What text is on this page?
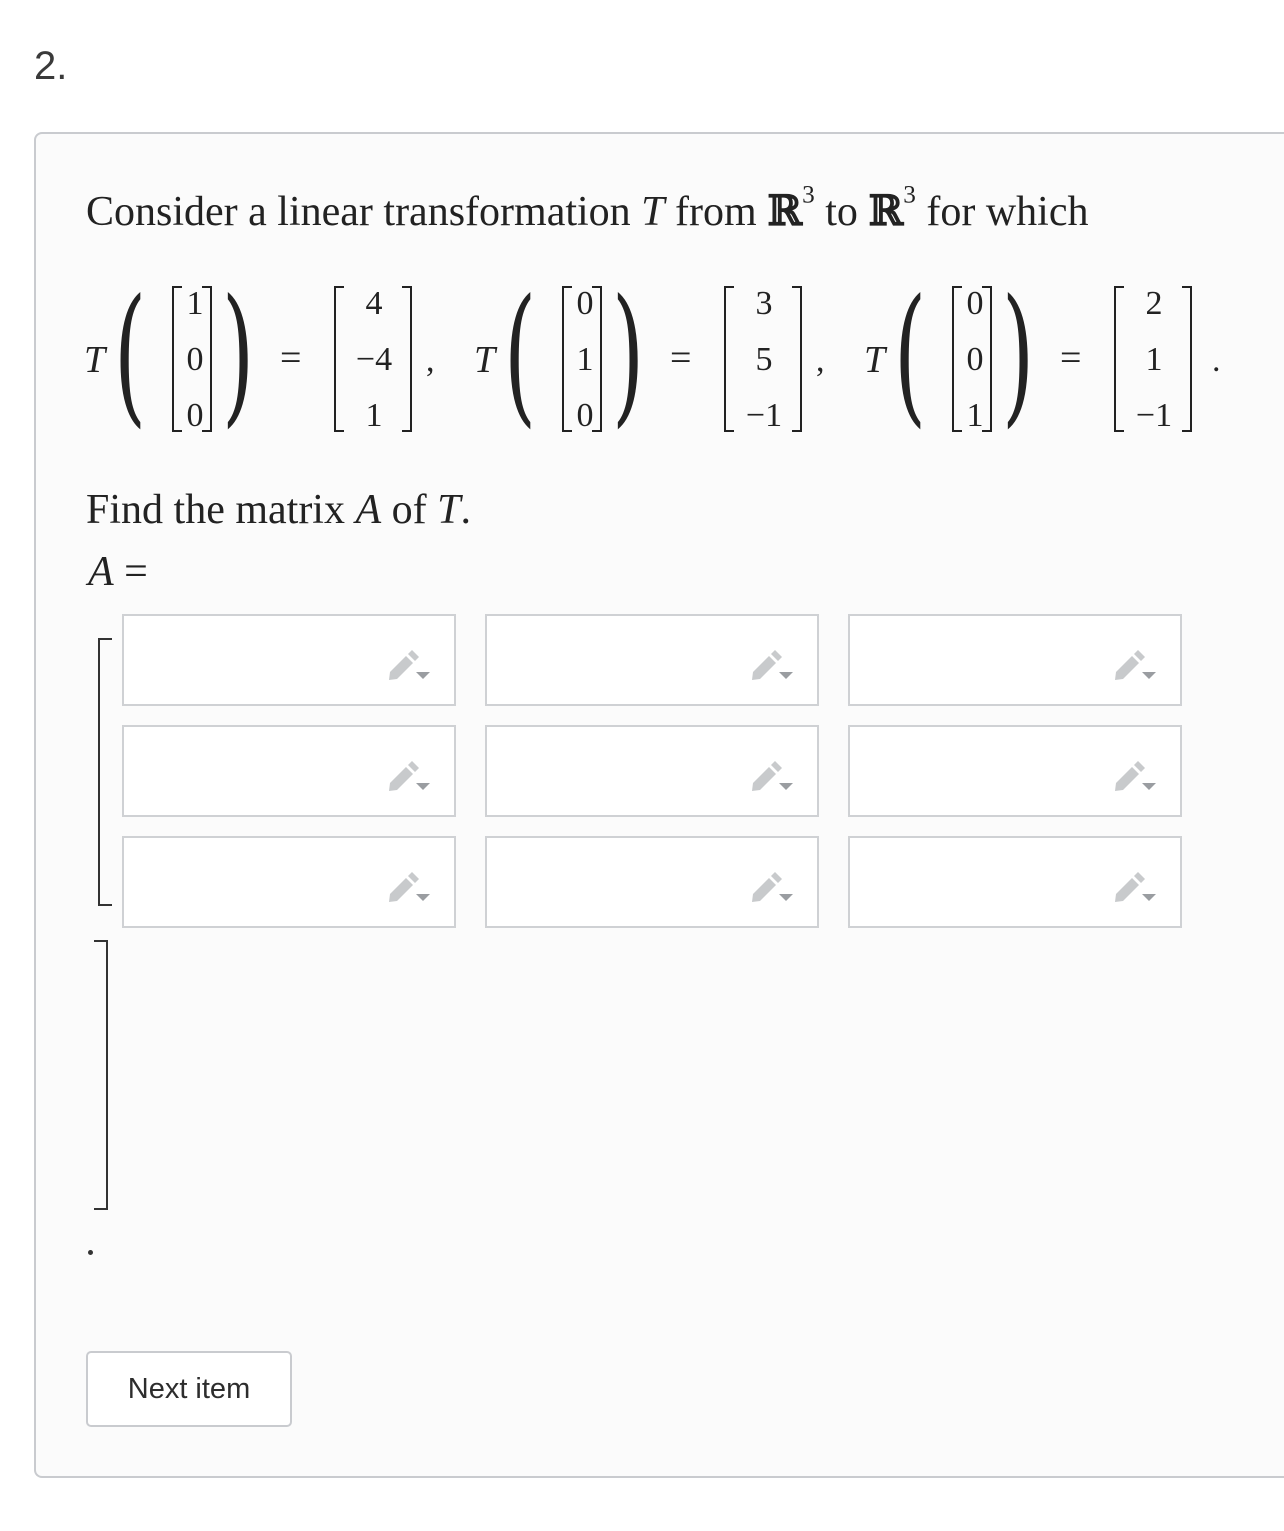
2.
Consider a linear transformation T from ℝ$^3$ to ℝ$^3$ for which
T ( 1
0
0 ) =
4
−4
1
, T ( 0
1
0 ) =
3
5
−1
, T ( 0
0
1 ) =
2
1
−1
.
Find the matrix A of T.
A =
Next item
